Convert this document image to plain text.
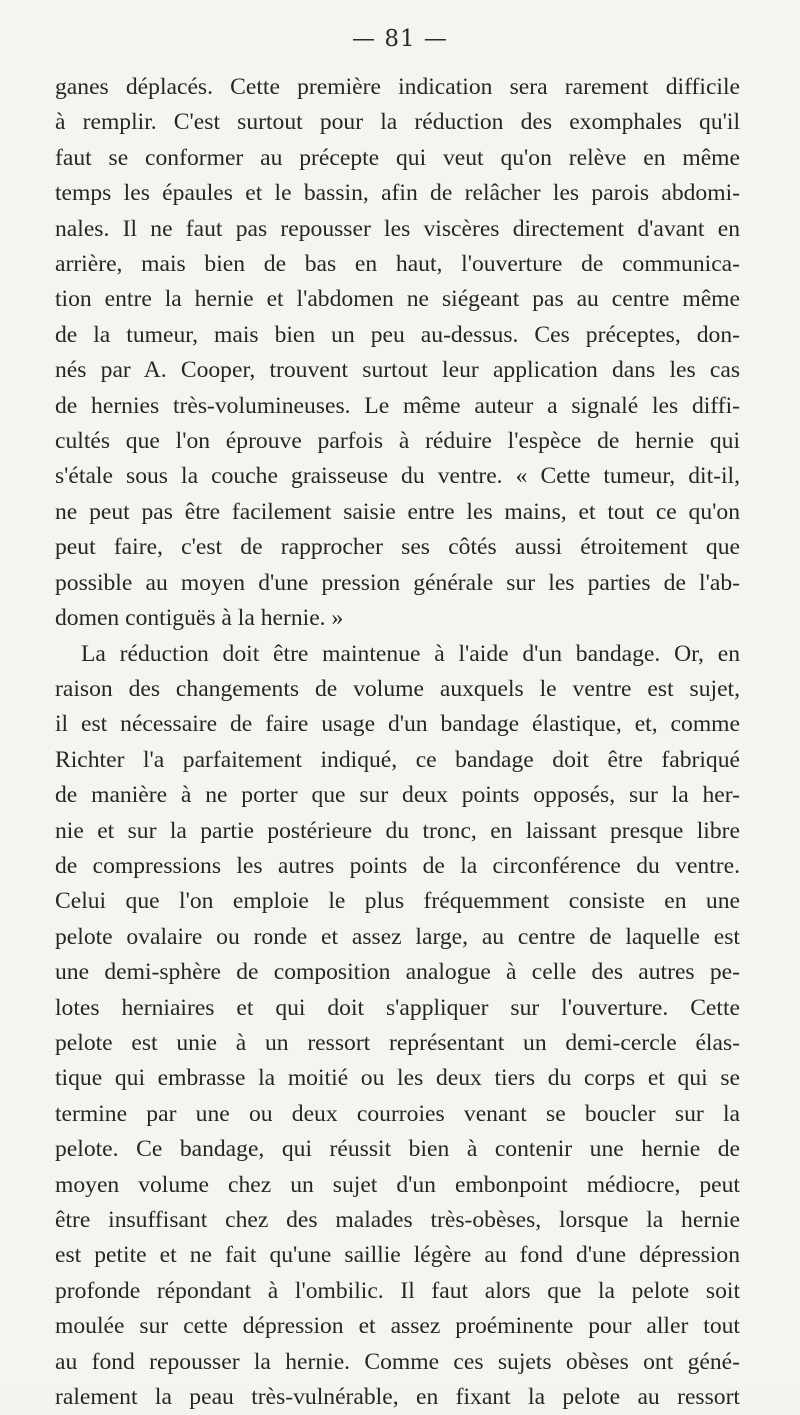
— 81 —
ganes déplacés. Cette première indication sera rarement difficile
à remplir. C'est surtout pour la réduction des exomphales qu'il
faut se conformer au précepte qui veut qu'on relève en même
temps les épaules et le bassin, afin de relâcher les parois abdomi-
nales. Il ne faut pas repousser les viscères directement d'avant en
arrière, mais bien de bas en haut, l'ouverture de communica-
tion entre la hernie et l'abdomen ne siégeant pas au centre même
de la tumeur, mais bien un peu au-dessus. Ces préceptes, don-
nés par A. Cooper, trouvent surtout leur application dans les cas
de hernies très-volumineuses. Le même auteur a signalé les diffi-
cultés que l'on éprouve parfois à réduire l'espèce de hernie qui
s'étale sous la couche graisseuse du ventre. « Cette tumeur, dit-il,
ne peut pas être facilement saisie entre les mains, et tout ce qu'on
peut faire, c'est de rapprocher ses côtés aussi étroitement que
possible au moyen d'une pression générale sur les parties de l'ab-
domen contiguës à la hernie. »
La réduction doit être maintenue à l'aide d'un bandage. Or, en
raison des changements de volume auxquels le ventre est sujet,
il est nécessaire de faire usage d'un bandage élastique, et, comme
Richter l'a parfaitement indiqué, ce bandage doit être fabriqué
de manière à ne porter que sur deux points opposés, sur la her-
nie et sur la partie postérieure du tronc, en laissant presque libre
de compressions les autres points de la circonférence du ventre.
Celui que l'on emploie le plus fréquemment consiste en une
pelote ovalaire ou ronde et assez large, au centre de laquelle est
une demi-sphère de composition analogue à celle des autres pe-
lotes herniaires et qui doit s'appliquer sur l'ouverture. Cette
pelote est unie à un ressort représentant un demi-cercle élas-
tique qui embrasse la moitié ou les deux tiers du corps et qui se
termine par une ou deux courroies venant se boucler sur la
pelote. Ce bandage, qui réussit bien à contenir une hernie de
moyen volume chez un sujet d'un embonpoint médiocre, peut
être insuffisant chez des malades très-obèses, lorsque la hernie
est petite et ne fait qu'une saillie légère au fond d'une dépression
profonde répondant à l'ombilic. Il faut alors que la pelote soit
moulée sur cette dépression et assez proéminente pour aller tout
au fond repousser la hernie. Comme ces sujets obèses ont géné-
ralement la peau très-vulnérable, en fixant la pelote au ressort
